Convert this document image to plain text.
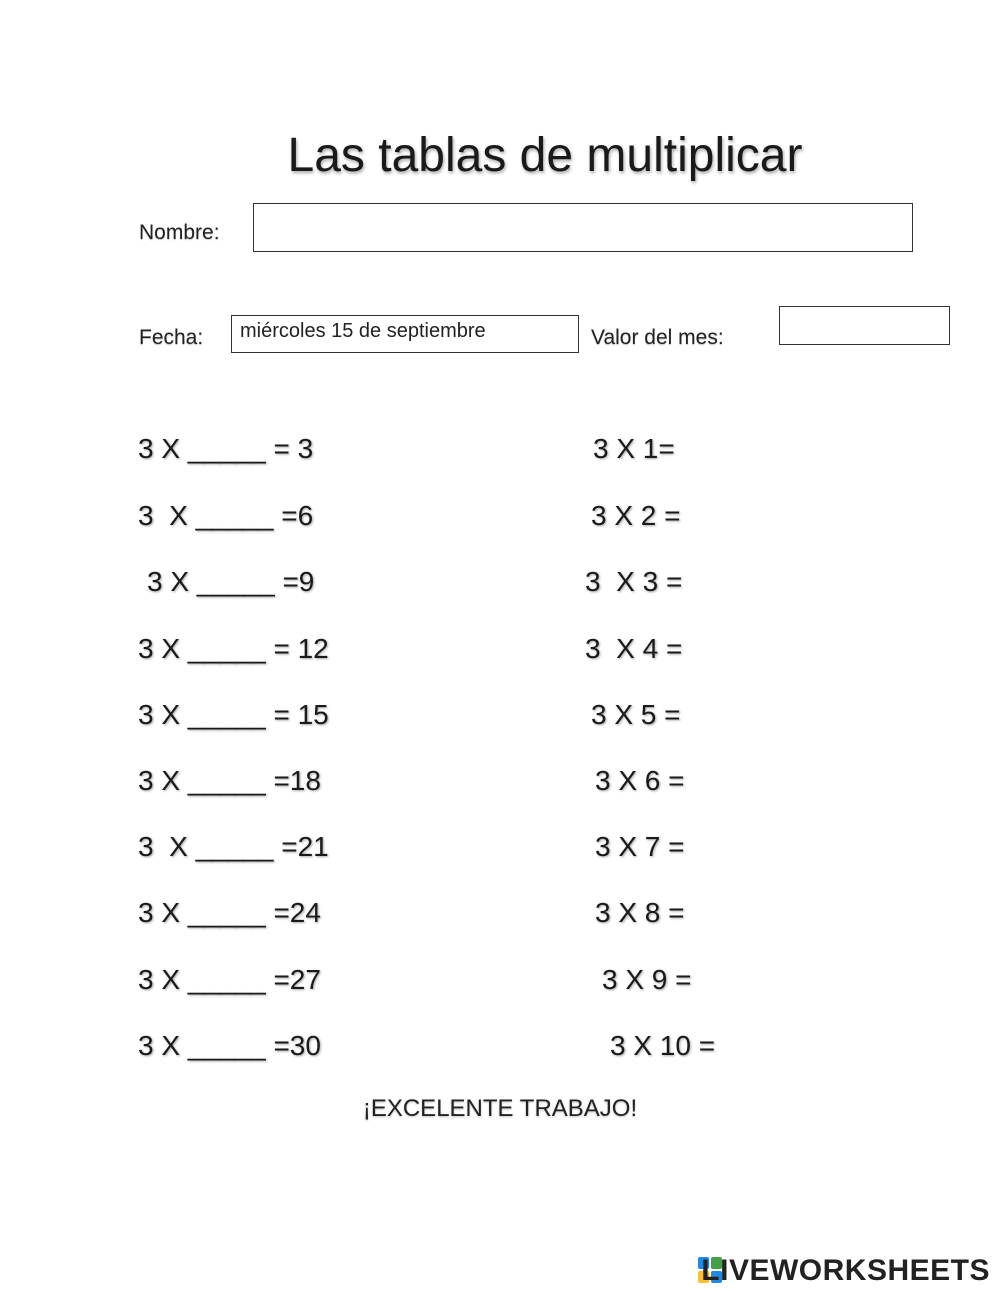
Las tablas de multiplicar
Nombre:
Fecha:	miércoles 15 de septiembre	Valor del mes:
3 X _____ = 3
3  X _____ =6
3 X _____ =9
3 X _____ = 12
3 X _____ = 15
3 X _____ =18
3  X _____ =21
3 X _____ =24
3 X _____ =27
3 X _____ =30
3 X 1=
3 X 2 =
3  X 3 =
3  X 4 =
3 X 5 =
3 X 6 =
3 X 7 =
3 X 8 =
3 X 9 =
3 X 10 =
¡EXCELENTE TRABAJO!
LIVEWORKSHEETS
